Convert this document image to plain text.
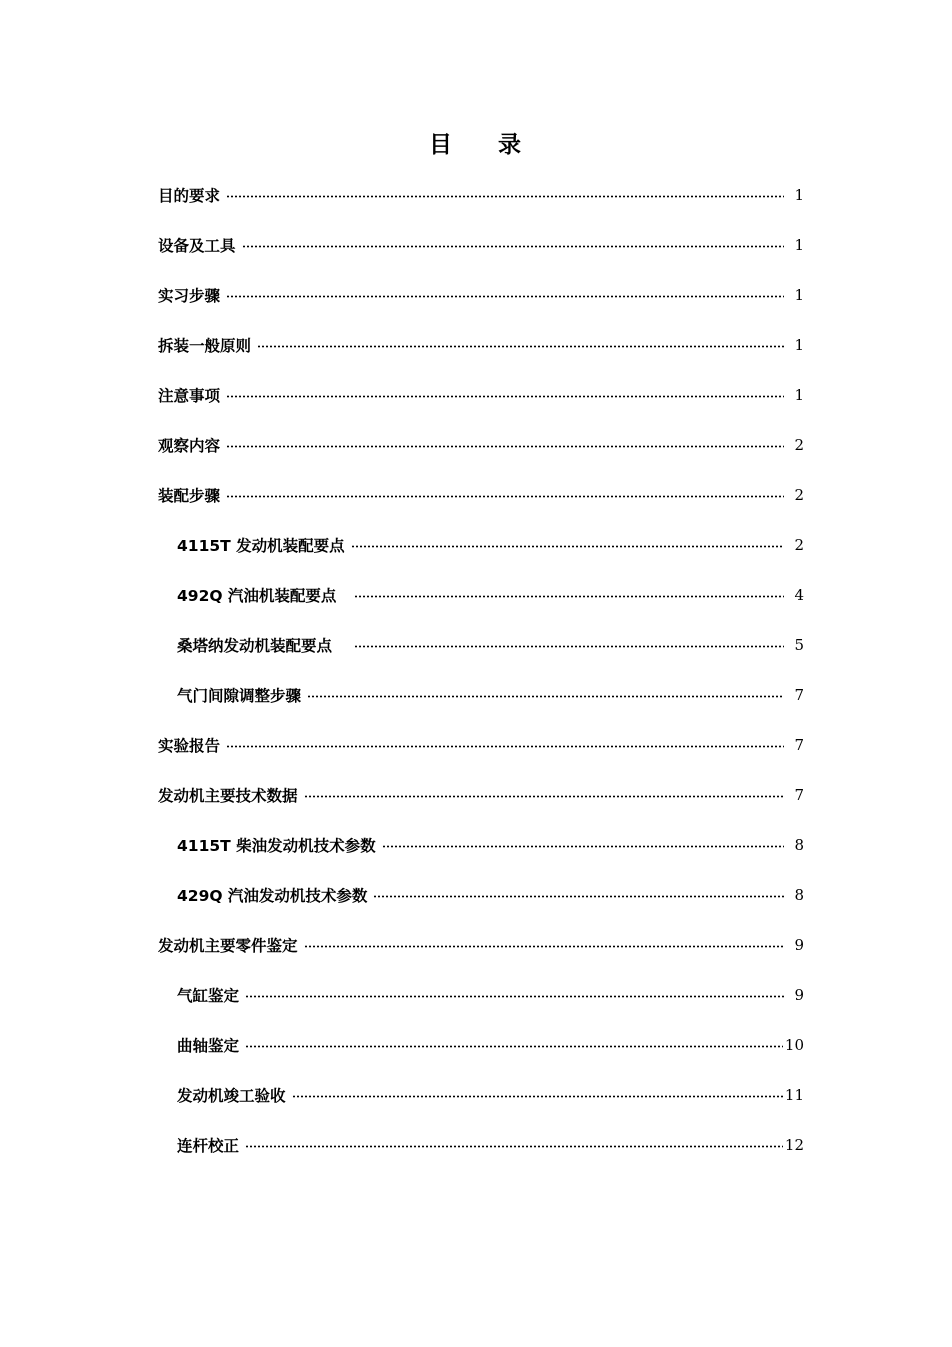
目 录
目的要求	1
设备及工具	1
实习步骤	1
拆装一般原则	1
注意事项	1
观察内容	2
装配步骤	2
4115T 发动机装配要点	2
492Q 汽油机装配要点	4
桑塔纳发动机装配要点	5
气门间隙调整步骤	7
实验报告	7
发动机主要技术数据	7
4115T 柴油发动机技术参数	8
429Q 汽油发动机技术参数	8
发动机主要零件鉴定	9
气缸鉴定	9
曲轴鉴定	10
发动机竣工验收	11
连杆校正	12
